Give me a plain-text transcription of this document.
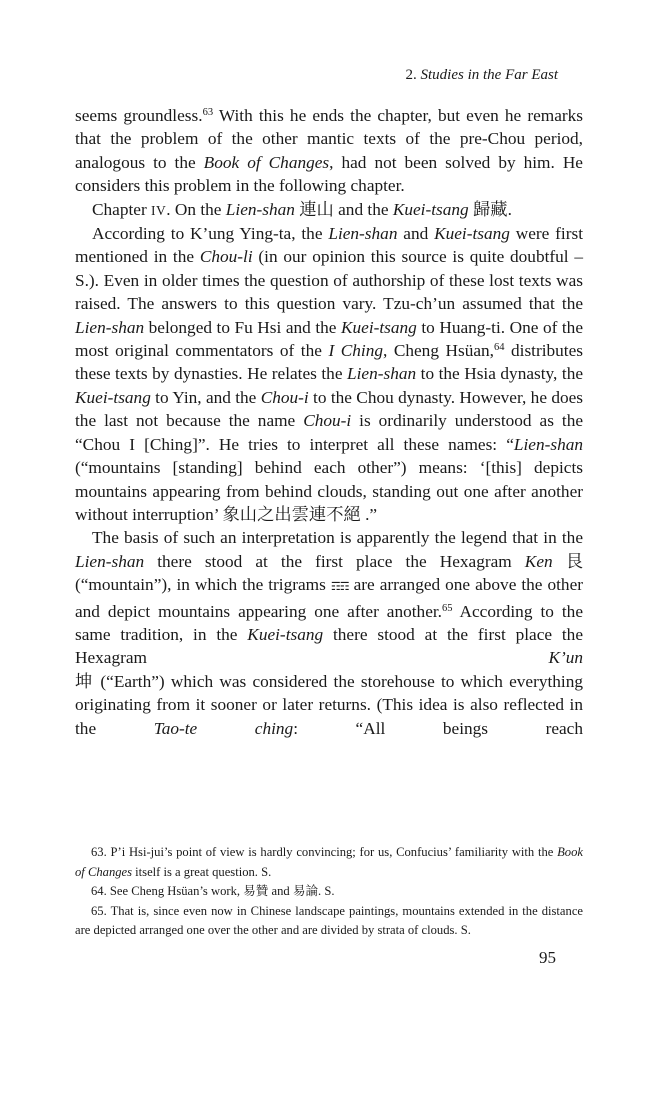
2. Studies in the Far East

seems groundless.$^{63}$ With this he ends the chapter, but even he remarks that the problem of the other mantic texts of the pre-Chou period, analogous to the Book of Changes, had not been solved by him. He considers this problem in the following chapter.

Chapter IV. On the Lien-shan 連山 and the Kuei-tsang 歸藏.

According to K’ung Ying-ta, the Lien-shan and Kuei-tsang were first mentioned in the Chou-li (in our opinion this source is quite doubtful – S.). Even in older times the question of authorship of these lost texts was raised. The answers to this question vary. Tzu-ch’un assumed that the Lien-shan belonged to Fu Hsi and the Kuei-tsang to Huang-ti. One of the most original commentators of the I Ching, Cheng Hsüan,$^{64}$ distributes these texts by dynasties. He relates the Lien-shan to the Hsia dynasty, the Kuei-tsang to Yin, and the Chou-i to the Chou dynasty. However, he does the last not because the name Chou-i is ordinarily understood as the “Chou I [Ching]”. He tries to interpret all these names: “Lien-shan (“mountains [standing] behind each other”) means: ‘[this] depicts mountains appearing from behind clouds, standing out one after another without interruption’ 象山之出雲連不絕 .”

The basis of such an interpretation is apparently the legend that in the Lien-shan there stood at the first place the Hexagram Ken 艮 (“mountain”), in which the trigrams ☶☶ are arranged one above the other and depict mountains appearing one after another.$^{65}$ According to the same tradition, in the Kuei-tsang there stood at the first place the Hexagram K’un
坤 (“Earth”) which was considered the storehouse to which everything originating from it sooner or later returns. (This idea is also reflected in the Tao-te ching: “All beings reach

63. P’i Hsi-jui’s point of view is hardly convincing; for us, Confucius’ familiarity with the Book of Changes itself is a great question. S.

64. See Cheng Hsüan’s work, 易贊 and 易論. S.

65. That is, since even now in Chinese landscape paintings, mountains extended in the distance are depicted arranged one over the other and are divided by strata of clouds. S.

95
